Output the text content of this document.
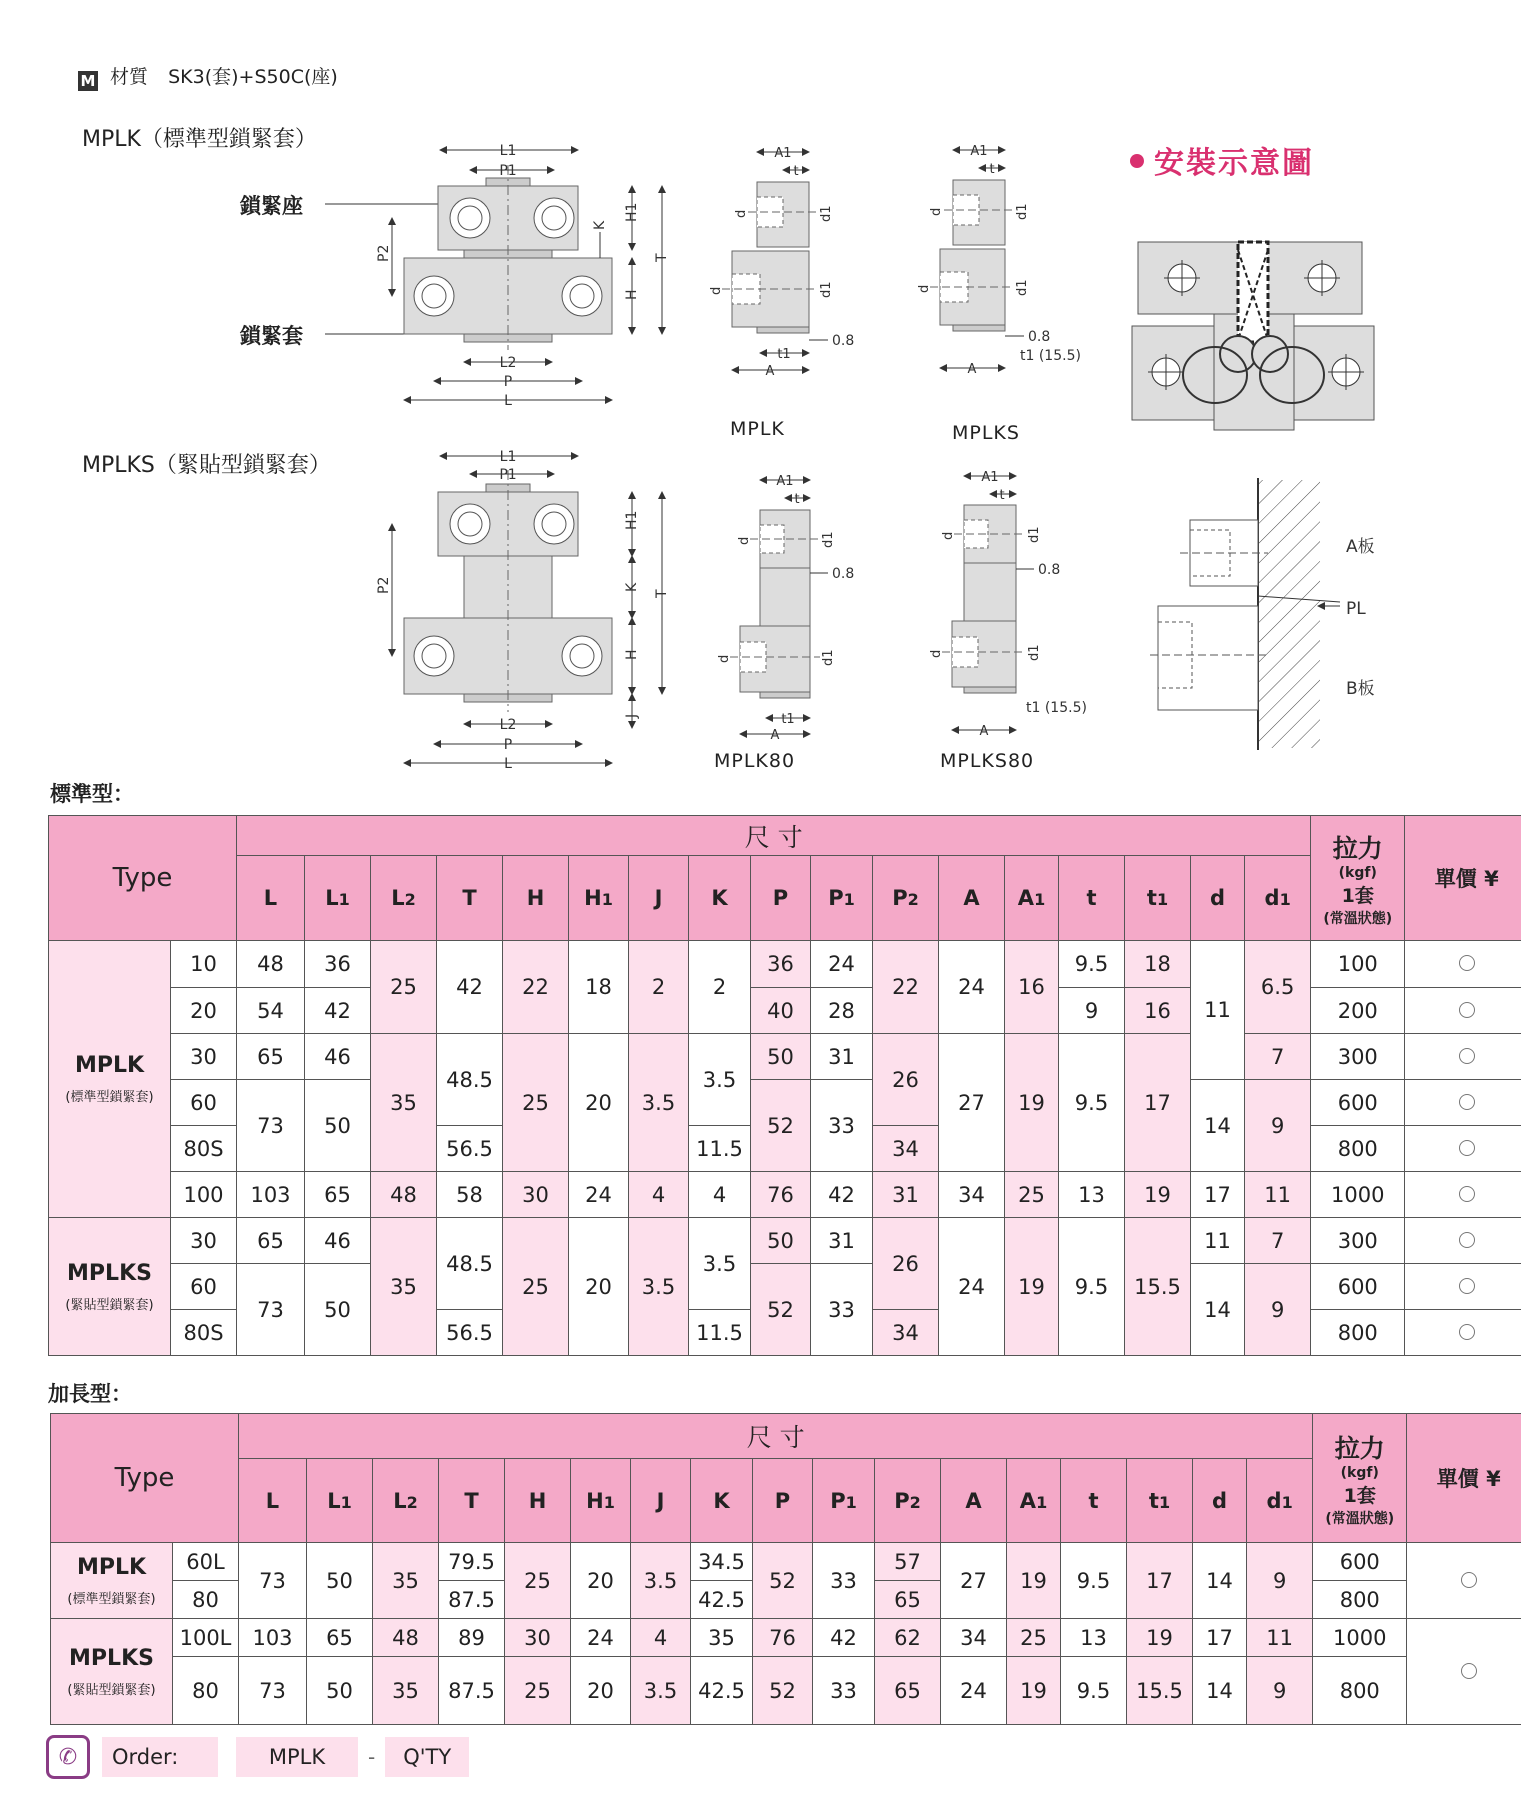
M 材質 SK3(套)+S50C(座)
MPLK（標準型鎖緊套）
MPLKS（緊貼型鎖緊套）
鎖緊座
鎖緊套
L1
P1
L2
P
L
P2
H1
H
K
T
L1
P1
L2
P
L
P2
H1
K
H
J
T
A1
t
t1
A
0.8
d	d1
d	d1
A1
t
A
0.8
t1 (15.5)
d	d1
d	d1
A1
t
t1
A
0.8
d	d1
d	d1
A1
t
A
0.8
t1 (15.5)
d	d1
d	d1
A板
PL
B板
安裝示意圖
MPLK	MPLKS
MPLK80	MPLKS80
標準型：
Type		尺 寸																	拉力
(kgf)
1套
(常溫狀態)	單價 ¥
		L	L1	L2	T	H	H1	J	K	P	P1	P2	A	A1	t	t1	d	d1		

MPLK
(標準型鎖緊套)	10	48	36	25	42	22	18	2	2	36	24	22	24	16	9.5	18	11	6.5	100	
	20	54	42							40	28				9	16			200	
	30	65	46	35	48.5	25	20	3.5	3.5	50	31	26	27	19	9.5	17		7	300	
	60	73	50							52	33						14	9	600	
	80S				56.5				11.5			34							800	
	100	103	65	48	58	30	24	4	4	76	42	31	34	25	13	19	17	11	1000	

MPLKS
(緊貼型鎖緊套)	30	65	46	35	48.5	25	20	3.5	3.5	50	31	26	24	19	9.5	15.5	11	7	300	
	60	73	50							52	33						14	9	600	
	80S				56.5				11.5			34							800	
加長型：
Type		尺 寸																	拉力
(kgf)
1套
(常溫狀態)	單價 ¥
		L	L1	L2	T	H	H1	J	K	P	P1	P2	A	A1	t	t1	d	d1		

MPLK
(標準型鎖緊套)	60L	73	50	35	79.5	25	20	3.5	34.5	52	33	57	27	19	9.5	17	14	9	600	
	80				87.5				42.5			65							800	

MPLKS
(緊貼型鎖緊套)	100L	103	65	48	89	30	24	4	35	76	42	62	34	25	13	19	17	11	1000	
	80	73	50	35	87.5	25	20	3.5	42.5	52	33	65	24	19	9.5	15.5	14	9	800	
✆	Order:	MPLK	-	Q'TY
